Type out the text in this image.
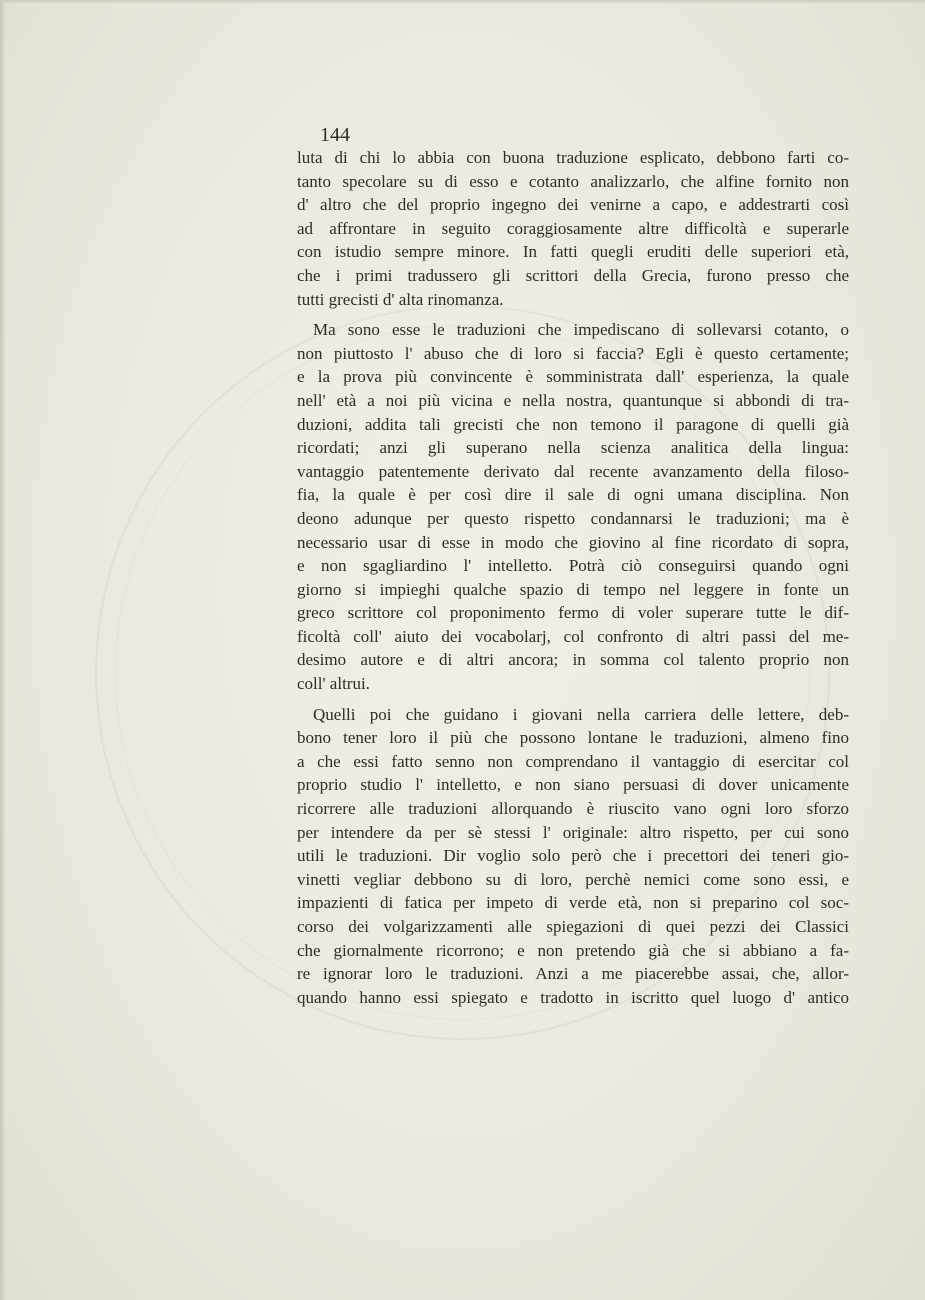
144
luta di chi lo abbia con buona traduzione esplicato, debbono farti co-
tanto specolare su di esso e cotanto analizzarlo, che alfine fornito non
d' altro che del proprio ingegno dei venirne a capo, e addestrarti così
ad affrontare in seguito coraggiosamente altre difficoltà e superarle
con istudio sempre minore. In fatti quegli eruditi delle superiori età,
che i primi tradussero gli scrittori della Grecia, furono presso che
tutti grecisti d' alta rinomanza.
Ma sono esse le traduzioni che impediscano di sollevarsi cotanto, o
non piuttosto l' abuso che di loro si faccia? Egli è questo certamente;
e la prova più convincente è somministrata dall' esperienza, la quale
nell' età a noi più vicina e nella nostra, quantunque si abbondi di tra-
duzioni, addita tali grecisti che non temono il paragone di quelli già
ricordati; anzi gli superano nella scienza analitica della lingua:
vantaggio patentemente derivato dal recente avanzamento della filoso-
fia, la quale è per così dire il sale di ogni umana disciplina. Non
deono adunque per questo rispetto condannarsi le traduzioni; ma è
necessario usar di esse in modo che giovino al fine ricordato di sopra,
e non sgagliardino l' intelletto. Potrà ciò conseguirsi quando ogni
giorno si impieghi qualche spazio di tempo nel leggere in fonte un
greco scrittore col proponimento fermo di voler superare tutte le dif-
ficoltà coll' aiuto dei vocabolarj, col confronto di altri passi del me-
desimo autore e di altri ancora; in somma col talento proprio non
coll' altrui.
Quelli poi che guidano i giovani nella carriera delle lettere, deb-
bono tener loro il più che possono lontane le traduzioni, almeno fino
a che essi fatto senno non comprendano il vantaggio di esercitar col
proprio studio l' intelletto, e non siano persuasi di dover unicamente
ricorrere alle traduzioni allorquando è riuscito vano ogni loro sforzo
per intendere da per sè stessi l' originale: altro rispetto, per cui sono
utili le traduzioni. Dir voglio solo però che i precettori dei teneri gio-
vinetti vegliar debbono su di loro, perchè nemici come sono essi, e
impazienti di fatica per impeto di verde età, non si preparino col soc-
corso dei volgarizzamenti alle spiegazioni di quei pezzi dei Classici
che giornalmente ricorrono; e non pretendo già che si abbiano a fa-
re ignorar loro le traduzioni. Anzi a me piacerebbe assai, che, allor-
quando hanno essi spiegato e tradotto in iscritto quel luogo d' antico
